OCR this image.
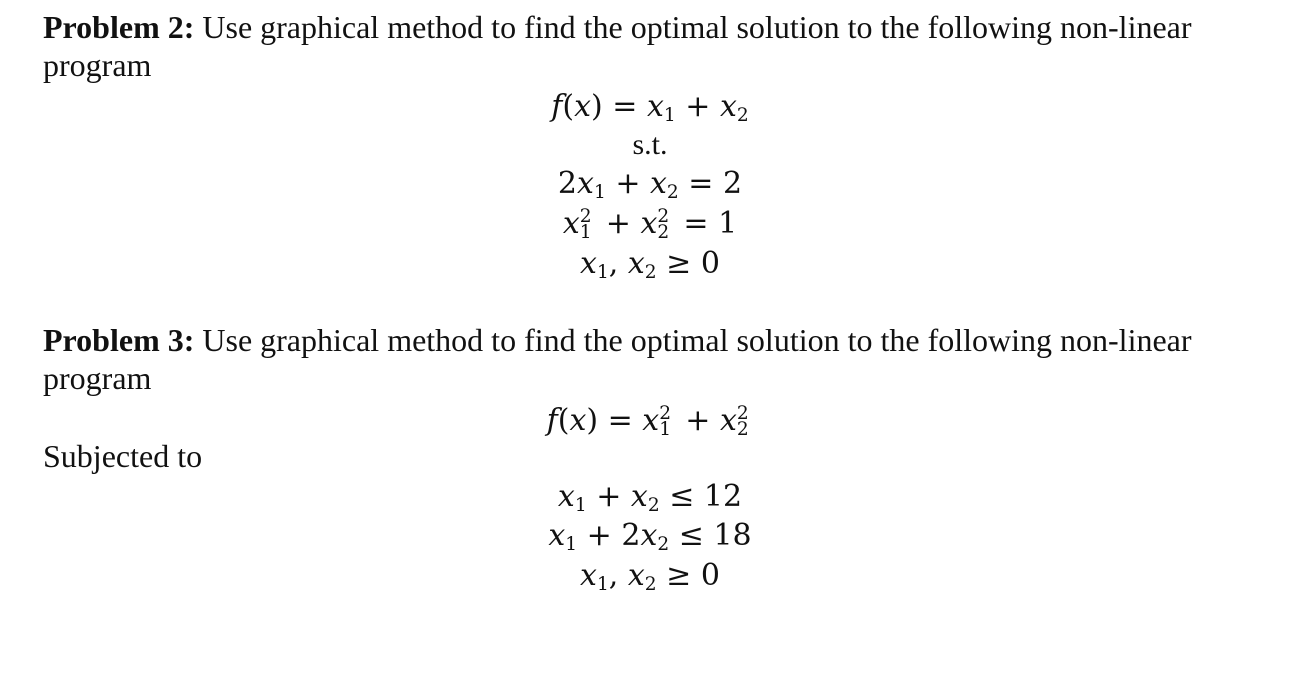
Problem 2: Use graphical method to find the optimal solution to the following non-linear program
$f(x) = x_1 + x_2$
s.t.
$2x_1 + x_2 = 2$
x 2
1 + x 2
2 = 1
$x_1$, $x_2 \ge 0$
Problem 3: Use graphical method to find the optimal solution to the following non-linear program
f(x) = x 2
1 + x 2
2
Subjected to
$x_1 + x_2 \le 12$
$x_1 + 2x_2 \le 18$
$x_1$, $x_2 \ge 0$
